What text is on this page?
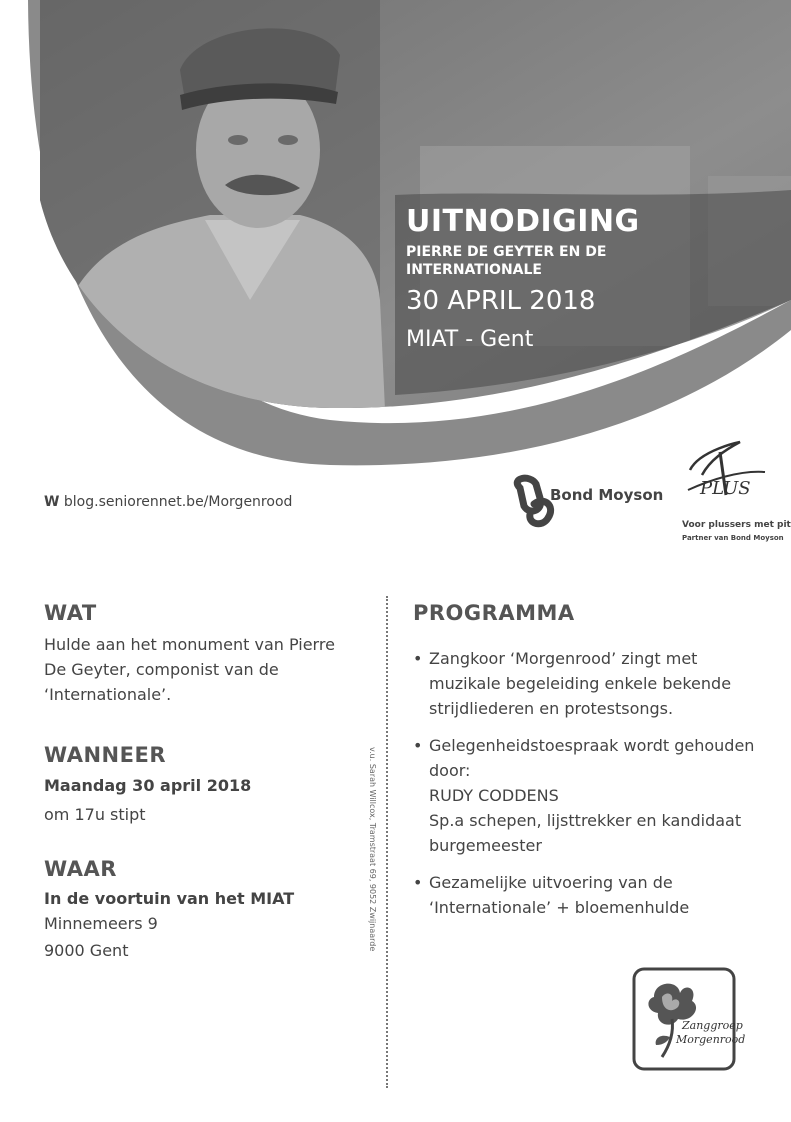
UITNODIGING
PIERRE DE GEYTER EN DE INTERNATIONALE
30 APRIL 2018
MIAT - Gent
W blog.seniorennet.be/Morgenrood	Bond Moyson PLUS
Voor plussers met pit
Partner van Bond Moyson
WAT
Hulde aan het monument van Pierre De Geyter, componist van de ‘Internationale’.
WANNEER
Maandag 30 april 2018
om 17u stipt
WAAR
In de voortuin van het MIAT
Minnemeers 9
9000 Gent	v.u. Sarah Willcox, Tramstraat 69, 9052 Zwijnaarde
PROGRAMMA
• Zangkoor ‘Morgenrood’ zingt met muzikale begeleiding enkele bekende strijdliederen en protestsongs.
• Gelegenheidstoespraak wordt gehouden door:
RUDY CODDENS
Sp.a schepen, lijsttrekker en kandidaat burgemeester
• Gezamelijke uitvoering van de ‘Internationale’ + bloemenhulde
Zanggroep
Morgenrood
